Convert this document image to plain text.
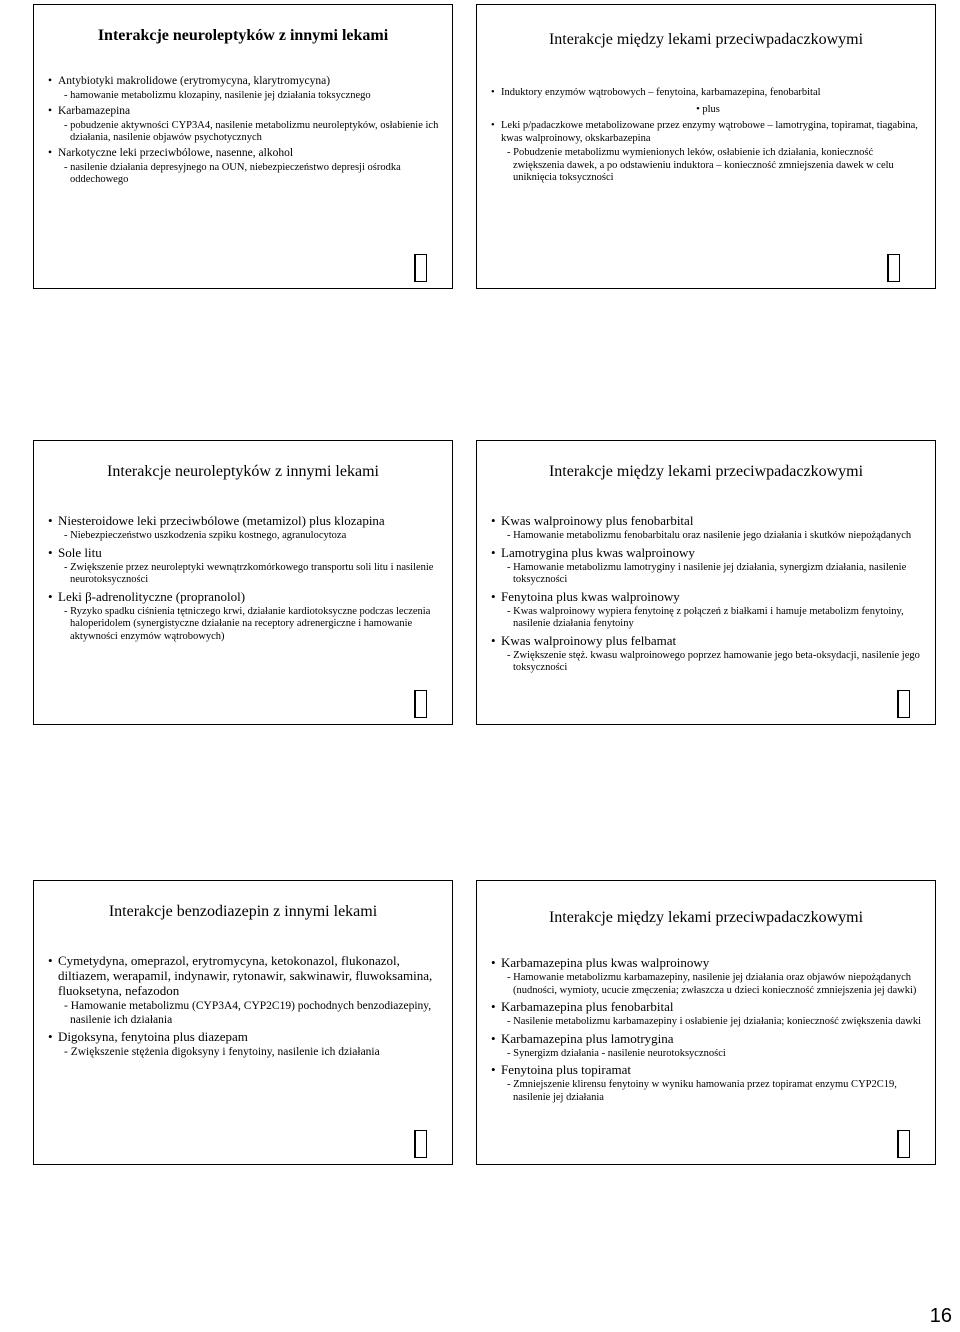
Interakcje neuroleptyków z innymi lekami
• Antybiotyki makrolidowe (erytromycyna, klarytromycyna)
- hamowanie metabolizmu klozapiny, nasilenie jej działania toksycznego
• Karbamazepina
- pobudzenie aktywności CYP3A4, nasilenie metabolizmu neuroleptyków, osłabienie ich działania, nasilenie objawów psychotycznych
• Narkotyczne leki przeciwbólowe, nasenne, alkohol
- nasilenie działania depresyjnego na OUN, niebezpieczeństwo depresji ośrodka oddechowego
Interakcje między lekami przeciwpadaczkowymi
• Induktory enzymów wątrobowych – fenytoina, karbamazepina, fenobarbital
• plus
• Leki p/padaczkowe metabolizowane przez enzymy wątrobowe – lamotrygina, topiramat, tiagabina, kwas walproinowy, okskarbazepina
- Pobudzenie metabolizmu wymienionych leków, osłabienie ich działania, konieczność zwiększenia dawek, a po odstawieniu induktora – konieczność zmniejszenia dawek w celu uniknięcia toksyczności
Interakcje neuroleptyków z innymi lekami
• Niesteroidowe leki przeciwbólowe (metamizol) plus klozapina
- Niebezpieczeństwo uszkodzenia szpiku kostnego, agranulocytoza
• Sole litu
- Zwiększenie przez neuroleptyki wewnątrzkomórkowego transportu soli litu i nasilenie neurotoksyczności
• Leki β-adrenolityczne (propranolol)
- Ryzyko spadku ciśnienia tętniczego krwi, działanie kardiotoksyczne podczas leczenia haloperidolem (synergistyczne działanie na receptory adrenergiczne i hamowanie aktywności enzymów wątrobowych)
Interakcje między lekami przeciwpadaczkowymi
• Kwas walproinowy plus fenobarbital
- Hamowanie metabolizmu fenobarbitalu oraz nasilenie jego działania i skutków niepożądanych
• Lamotrygina plus kwas walproinowy
- Hamowanie metabolizmu lamotryginy i nasilenie jej działania, synergizm działania, nasilenie toksyczności
• Fenytoina plus kwas walproinowy
- Kwas walproinowy wypiera fenytoinę z połączeń z białkami i hamuje metabolizm fenytoiny, nasilenie działania fenytoiny
• Kwas walproinowy plus felbamat
- Zwiększenie stęż. kwasu walproinowego poprzez hamowanie jego beta-oksydacji, nasilenie jego toksyczności
Interakcje benzodiazepin z innymi lekami
• Cymetydyna, omeprazol, erytromycyna, ketokonazol, flukonazol, diltiazem, werapamil, indynawir, rytonawir, sakwinawir, fluwoksamina, fluoksetyna, nefazodon
- Hamowanie metabolizmu (CYP3A4, CYP2C19) pochodnych benzodiazepiny, nasilenie ich działania
• Digoksyna, fenytoina plus diazepam
- Zwiększenie stężenia digoksyny i fenytoiny, nasilenie ich działania
Interakcje między lekami przeciwpadaczkowymi
• Karbamazepina plus kwas walproinowy
- Hamowanie metabolizmu karbamazepiny, nasilenie jej działania oraz objawów niepożądanych (nudności, wymioty, ucucie zmęczenia; zwłaszcza u dzieci konieczność zmniejszenia jej dawki)
• Karbamazepina plus fenobarbital
- Nasilenie metabolizmu karbamazepiny i osłabienie jej działania; konieczność zwiększenia dawki
• Karbamazepina plus lamotrygina
- Synergizm działania - nasilenie neurotoksyczności
• Fenytoina plus topiramat
- Zmniejszenie klirensu fenytoiny w wyniku hamowania przez topiramat enzymu CYP2C19, nasilenie jej działania
16
